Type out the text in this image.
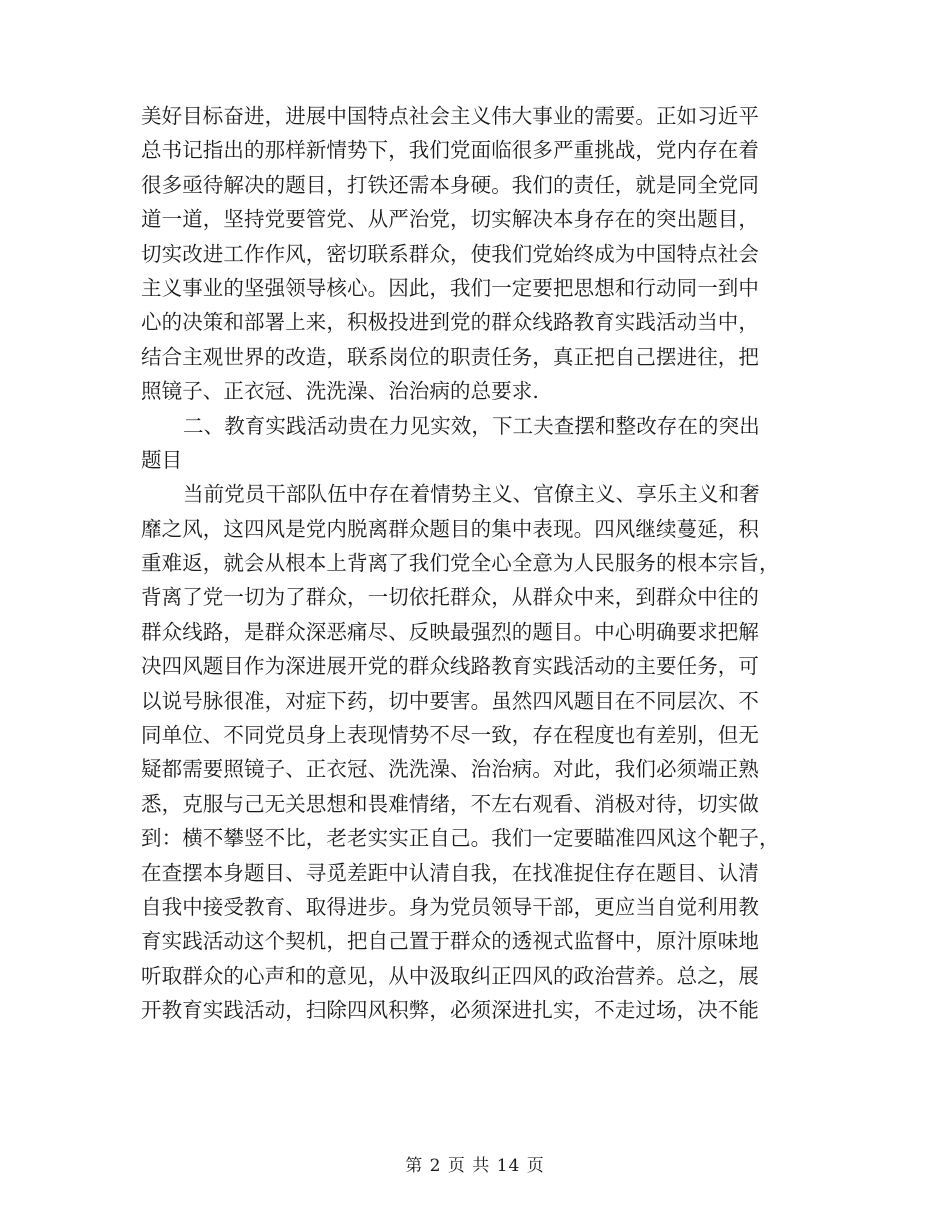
美好目标奋进，进展中国特点社会主义伟大事业的需要。正如习近平
总书记指出的那样新情势下，我们党面临很多严重挑战，党内存在着
很多亟待解决的题目，打铁还需本身硬。我们的责任，就是同全党同
道一道，坚持党要管党、从严治党，切实解决本身存在的突出题目，
切实改进工作作风，密切联系群众，使我们党始终成为中国特点社会
主义事业的坚强领导核心。因此，我们一定要把思想和行动同一到中
心的决策和部署上来，积极投进到党的群众线路教育实践活动当中，
结合主观世界的改造，联系岗位的职责任务，真正把自己摆进往，把
照镜子、正衣冠、洗洗澡、治治病的总要求.
二、教育实践活动贵在力见实效，下工夫查摆和整改存在的突出
题目
当前党员干部队伍中存在着情势主义、官僚主义、享乐主义和奢
靡之风，这四风是党内脱离群众题目的集中表现。四风继续蔓延，积
重难返，就会从根本上背离了我们党全心全意为人民服务的根本宗旨，
背离了党一切为了群众，一切依托群众，从群众中来，到群众中往的
群众线路，是群众深恶痛尽、反映最强烈的题目。中心明确要求把解
决四风题目作为深进展开党的群众线路教育实践活动的主要任务，可
以说号脉很准，对症下药，切中要害。虽然四风题目在不同层次、不
同单位、不同党员身上表现情势不尽一致，存在程度也有差别，但无
疑都需要照镜子、正衣冠、洗洗澡、治治病。对此，我们必须端正熟
悉，克服与己无关思想和畏难情绪，不左右观看、消极对待，切实做
到：横不攀竖不比，老老实实正自己。我们一定要瞄准四风这个靶子，
在查摆本身题目、寻觅差距中认清自我，在找准捉住存在题目、认清
自我中接受教育、取得进步。身为党员领导干部，更应当自觉利用教
育实践活动这个契机，把自己置于群众的透视式监督中，原汁原味地
听取群众的心声和的意见，从中汲取纠正四风的政治营养。总之，展
开教育实践活动，扫除四风积弊，必须深进扎实，不走过场，决不能
第 2 页 共 14 页
